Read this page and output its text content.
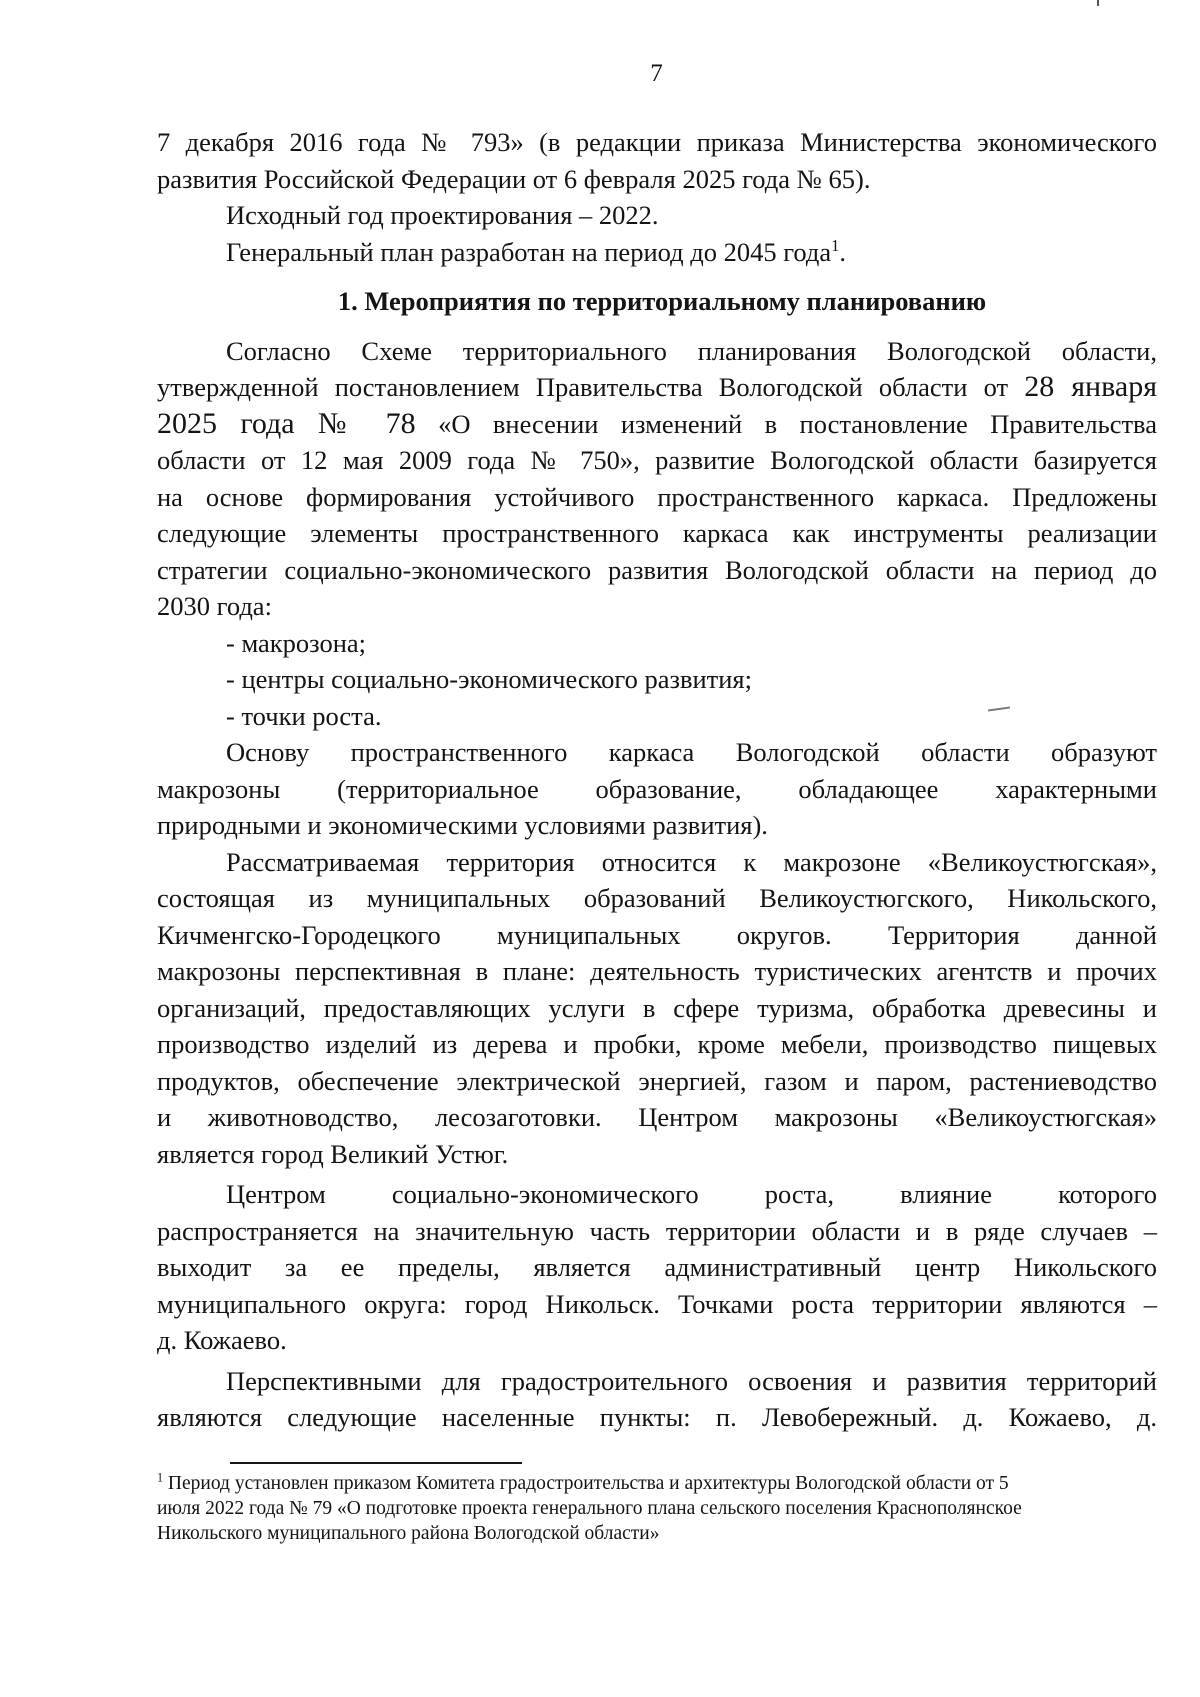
7

7 декабря 2016 года № 793» (в редакции приказа Министерства экономического
развития Российской Федерации от 6 февраля 2025 года № 65).

Исходный год проектирования – 2022.

Генеральный план разработан на период до 2045 года$^1$.

1. Мероприятия по территориальному планированию

Согласно Схеме территориального планирования Вологодской области,
утвержденной постановлением Правительства Вологодской области от 28 января
2025 года № 78 «О внесении изменений в постановление Правительства
области от 12 мая 2009 года № 750», развитие Вологодской области базируется
на основе формирования устойчивого пространственного каркаса. Предложены
следующие элементы пространственного каркаса как инструменты реализации
стратегии социально-экономического развития Вологодской области на период до
2030 года:

- макрозона;

- центры социально-экономического развития;

- точки роста.

Основу пространственного каркаса Вологодской области образуют
макрозоны (территориальное образование, обладающее характерными
природными и экономическими условиями развития).

Рассматриваемая территория относится к макрозоне «Великоустюгская»,
состоящая из муниципальных образований Великоустюгского, Никольского,
Кичменгско-Городецкого муниципальных округов. Территория данной
макрозоны перспективная в плане: деятельность туристических агентств и прочих
организаций, предоставляющих услуги в сфере туризма, обработка древесины и
производство изделий из дерева и пробки, кроме мебели, производство пищевых
продуктов, обеспечение электрической энергией, газом и паром, растениеводство
и животноводство, лесозаготовки. Центром макрозоны «Великоустюгская»
является город Великий Устюг.

Центром социально-экономического роста, влияние которого
распространяется на значительную часть территории области и в ряде случаев –
выходит за ее пределы, является административный центр Никольского
муниципального округа: город Никольск. Точками роста территории являются –
д. Кожаево.

Перспективными для градостроительного освоения и развития территорий
являются следующие населенные пункты: п. Левобережный. д. Кожаево, д.

$^1$ Период установлен приказом Комитета градостроительства и архитектуры Вологодской области от 5
июля 2022 года № 79 «О подготовке проекта генерального плана сельского поселения Краснополянское
Никольского муниципального района Вологодской области»
